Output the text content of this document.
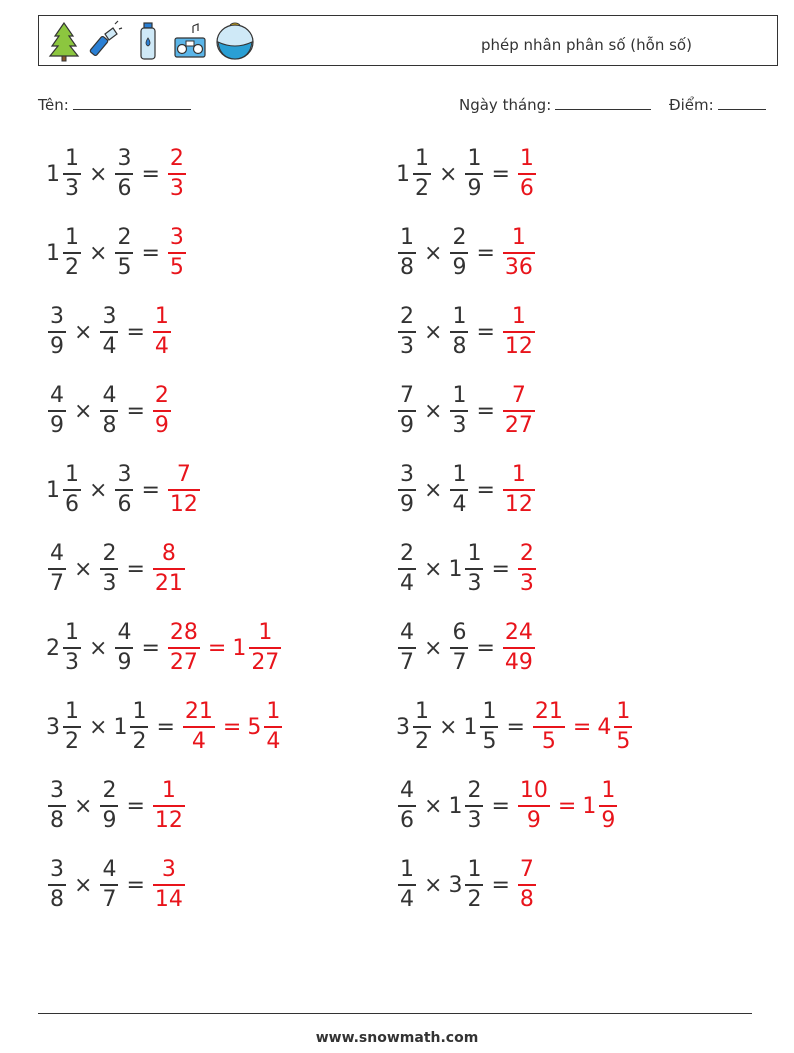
phép nhân phân số (hỗn số)
Tên:	Ngày tháng:	Điểm:
$1 \frac{1}{3} \times \frac{3}{6} = \frac{2}{3}$	$1 \frac{1}{2} \times \frac{1}{9} = \frac{1}{6}$
$1 \frac{1}{2} \times \frac{2}{5} = \frac{3}{5}$	$\frac{1}{8} \times \frac{2}{9} = \frac{1}{36}$
$\frac{3}{9} \times \frac{3}{4} = \frac{1}{4}$	$\frac{2}{3} \times \frac{1}{8} = \frac{1}{12}$
$\frac{4}{9} \times \frac{4}{8} = \frac{2}{9}$	$\frac{7}{9} \times \frac{1}{3} = \frac{7}{27}$
$1 \frac{1}{6} \times \frac{3}{6} = \frac{7}{12}$	$\frac{3}{9} \times \frac{1}{4} = \frac{1}{12}$
$\frac{4}{7} \times \frac{2}{3} = \frac{8}{21}$	$\frac{2}{4} \times 1 \frac{1}{3} = \frac{2}{3}$
$2 \frac{1}{3} \times \frac{4}{9} = \frac{28}{27} = 1 \frac{1}{27}$	$\frac{4}{7} \times \frac{6}{7} = \frac{24}{49}$
$3 \frac{1}{2} \times 1 \frac{1}{2} = \frac{21}{4} = 5 \frac{1}{4}$	$3 \frac{1}{2} \times 1 \frac{1}{5} = \frac{21}{5} = 4 \frac{1}{5}$
$\frac{3}{8} \times \frac{2}{9} = \frac{1}{12}$	$\frac{4}{6} \times 1 \frac{2}{3} = \frac{10}{9} = 1 \frac{1}{9}$
$\frac{3}{8} \times \frac{4}{7} = \frac{3}{14}$	$\frac{1}{4} \times 3 \frac{1}{2} = \frac{7}{8}$
www.snowmath.com
